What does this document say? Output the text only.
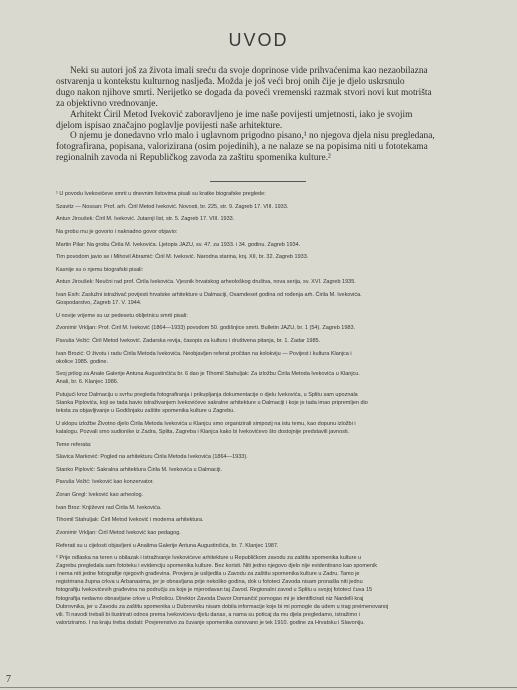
UVOD
Neki su autori još za života imali sreću da svoje doprinose vide prihvaćenima kao nezaobilazna
ostvarenja u kontekstu kulturnog nasljeđa. Možda je još veći broj onih čije je djelo uskrsnulo
dugo nakon njihove smrti. Nerijetko se dogada da povećì vremenski razmak stvori novi kut motrišta
za objektivno vrednovanje.
Arhitekt Ćiril Metod Iveković zaboravljeno je ime naše povijesti umjetnosti, iako je svojim
djelom ispisao značajno poglavlje povijesti naše arhitekture.
O njemu je donedavno vrlo malo i uglavnom prigodno pisano,¹ no njegova djela nisu pregledana,
fotografirana, popisana, valorizirana (osim pojedinih), a ne nalaze se na popisima niti u fototekama
regionalnih zavoda ni Republičkog zavoda za zaštitu spomenika kulture.²
¹ U povodu Ivekovićeve smrti u dnevnim listovima pisali su kratke biografske preglede:
Szavitz — Nossan: Prof. arh. Ćiril Metod Iveković. Novosti, br. 225, str. 9. Zagreb 17. VIII. 1933.
Antun Jiroušek: Ćiril M. Iveković. Jutarnji list, str. 5. Zagreb 17. VIII. 1933.
Na grobu mu je govorio i naknadno govor objavio:
Martin Pilar: Na grobu Ćirila M. Ivekovića. Ljetopis JAZU, sv. 47. za 1933. i 34. godinu. Zagreb 1934.
Tim povodom javio se i Mihovil Abramić: Ćiril M. Iveković. Narodna starina, knj. XII, br. 32. Zagreb 1933.
Kasnije su o njemu biografski pisali:
Antun Jiroušek: Neučni rad prof. Ćirila Ivekovića. Vjesnik hrvatskog arheološkog društva, nova serija, sv. XVI. Zagreb 1935.
Ivan Esih: Zaslužni istraživač povijesti hrvatske arhitekture u Dalmaciji, Osamdeset godina od rođenja arh. Ćirila M. Ivekovića.
Gospodarstvo, Zagreb 17. V. 1944.
U novije vrijeme su uz pedesetu obljetnicu smrti pisali:
Zvonimir Vrkljan: Prof. Ćiril M. Iveković (1864—1933) povodom 50. godišnjice smrti. Bulletin JAZU, br. 1 (54). Zagreb 1983.
Pavuša Vežić: Ćiril Metod Iveković. Zadarska revija, časopis za kulturu i društvena pitanja, br. 1. Zadar 1985.
Ivan Brozić: O životu i radu Ćirila Metoda Ivekovića. Neobjavljen referat pročitan na kolokviju — Povijest i kultura Klanjca i
okolice 1985. godine.
Svoj prilog za Anale Galerije Antuna Augustinčića br. 6 dao je Tihomil Stahuljak: Za izložbu Ćirila Metoda Ivekovića u Klanjcu.
Anali, br. 6. Klanjec 1986.
Putujući kroz Dalmaciju u svrhu pregleda fotografiranja i prikupljanja dokumentacije o djelu Ivekovića, u Splitu sam upoznala
Stanka Piplovića, koji se tada bavio istraživanjem Ivekovićeve sakralne arhitekture u Dalmaciji i koje je tada imao pripremljen dio
teksta za objavljivanje u Godišnjaku zaštite spomenika kulture u Zagrebu.
U sklopu izložbe Životno djelo Ćirila Metoda Ivekovića u Klanjcu smo organizirali simpozij na istu temu, kao dopunu izložbi i
katalogu. Pozvali smo sudionike iz Zadra, Splita, Zagreba i Klanjca kako bi Ivekovićevo što dostojnije predstavili javnosti.
Teme referata:
Slavica Marković: Pogled na arhitekturu Ćirila Metoda Ivekovića (1864—1933).
Stanko Piplović: Sakralna arhitektura Ćirila M. Ivekovića u Dalmaciji.
Pavuša Vežić: Iveković kao konzervator.
Zoran Gregl: Iveković kao arheolog.
Ivan Broz: Književni rad Ćirila M. Ivekovića.
Tihomil Stahuljak: Ćiril Metod Iveković i moderna arhitektura.
Zvonimir Vrkljan: Ćiril Metod Iveković kao pedagog.
Referati su u cijelosti objavljeni u Analima Galerije Antuna Augustinčića, br. 7. Klanjec 1987.
² Prije odlaska na teren u obilazak i istraživanje Ivekovićeve arhitekture u Republičkom zavodu za zaštitu spomenika kulture u
Zagrebu pregledala sam fototeku i evidenciju spomenika kulture. Bez koristi. Niti jedno njegovo djelo nije evidentirano kao spomenik
i nema niti jedne fotografije njegovih građevina. Provjera je uslijedila u Zavodu za zaštitu spomenika kulture u Zadru. Tamo je
registrirana župna crkva u Arbanasima, jer je obnavljana prije nekoliko godina, dok u fototeci Zavoda nisam pronašla niti jednu
fotografiju Ivekovićevih građevina na području za koje je mjerodavan taj Zavod. Regionalni zavod u Splitu u svojoj fototeci čuva 15
fotografija nedavno obnavljane crkve u Prološcu. Direktor Zavoda Davor Domančić pomogao mi je identificirati niz Nardelli kraj
Dubrovnika, jer u Zavodu za zaštitu spomenika u Dubrovniku nisam dobila informacije koje bi mi pomogle da udem u trag preimenovanoj
vili. Ti navodi trebali bi ilustrirati odnos prema Ivekovićevu djelu danas, a nama su poticaj da mu djela pregledamo, istražimo i
valoriziramo. I na kraju treba dodati: Povjerenstvo za čuvanje spomenika osnovano je tek 1910. godine za Hrvatsku i Slavoniju.
7
